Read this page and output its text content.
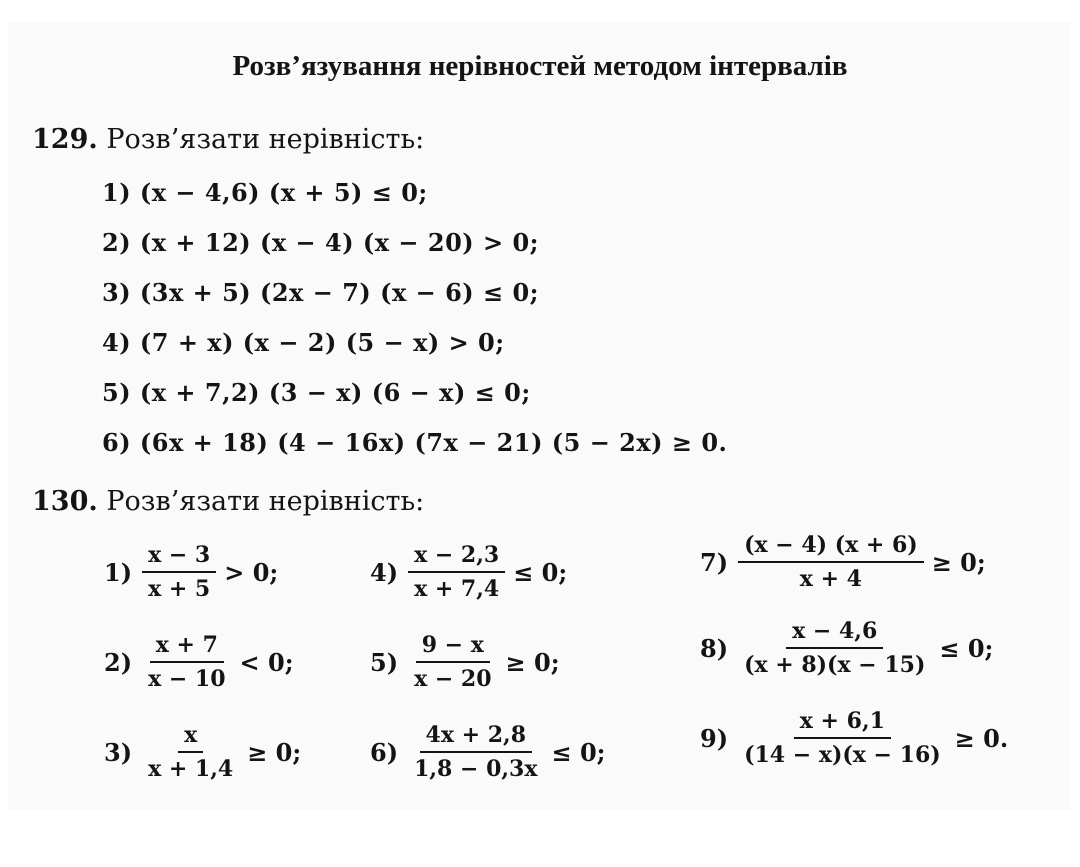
Розв’язування нерівностей методом інтервалів
129. Розв’язати нерівність:
1) (x − 4,6) (x + 5) ≤ 0;
2) (x + 12) (x − 4) (x − 20) > 0;
3) (3x + 5) (2x − 7) (x − 6) ≤ 0;
4) (7 + x) (x − 2) (5 − x) > 0;
5) (x + 7,2) (3 − x) (6 − x) ≤ 0;
6) (6x + 18) (4 − 16x) (7x − 21) (5 − 2x) ≥ 0.
130. Розв’язати нерівність:
$1) \frac{x - 3}{x + 5} > 0$;
$2) \frac{x + 7}{x - 10} < 0$;
$3) \frac{x}{x + 1,4} \ge 0$;
$4) \frac{x - 2,3}{x + 7,4} \le 0$;
$5) \frac{9 - x}{x - 20} \ge 0$;
$6) \frac{4x + 2,8}{1,8 - 0,3x} \le 0$;
$7) \frac{(x - 4) (x + 6)}{x + 4} \ge 0$;
$8) \frac{x - 4,6}{(x + 8)(x - 15)} \le 0$;
$9) \frac{x + 6,1}{(14 - x)(x - 16)} \ge 0$.
